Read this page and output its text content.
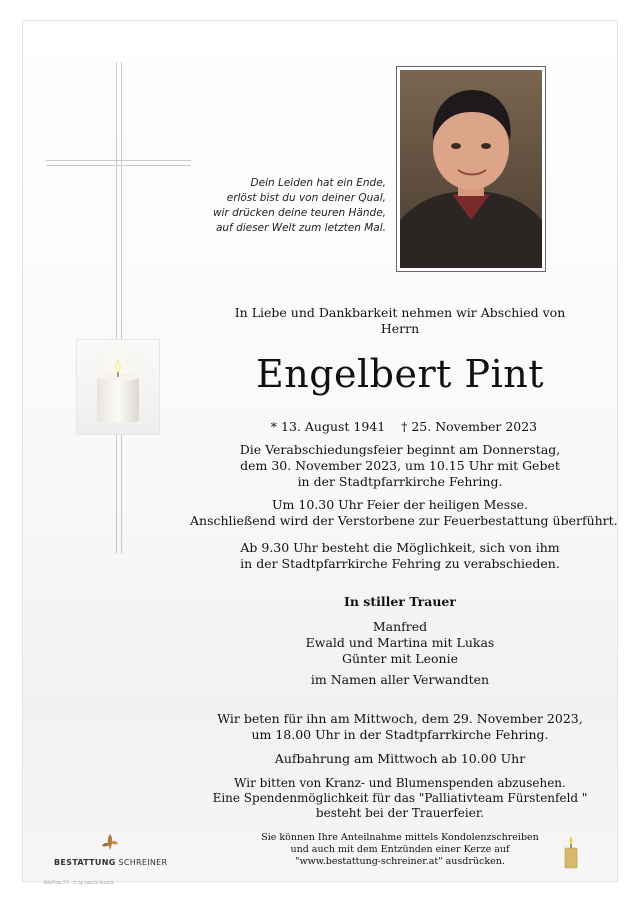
Dein Leiden hat ein Ende,
erlöst bist du von deiner Qual,
wir drücken deine teuren Hände,
auf dieser Welt zum letzten Mal.
In Liebe und Dankbarkeit nehmen wir Abschied von
Herrn
Engelbert Pint

* 13. August 1941    † 25. November 2023

Die Verabschiedungsfeier beginnt am Donnerstag,
dem 30. November 2023, um 10.15 Uhr mit Gebet
in der Stadtpfarrkirche Fehring.
Um 10.30 Uhr Feier der heiligen Messe.
Anschließend wird der Verstorbene zur Feuerbestattung überführt.
Ab 9.30 Uhr besteht die Möglichkeit, sich von ihm
in der Stadtpfarrkirche Fehring zu verabschieden.
In stiller Trauer
Manfred
Ewald und Martina mit Lukas
Günter mit Leonie
im Namen aller Verwandten
Wir beten für ihn am Mittwoch, dem 29. November 2023,
um 18.00 Uhr in der Stadtpfarrkirche Fehring.
Aufbahrung am Mittwoch ab 10.00 Uhr
Wir bitten von Kranz- und Blumenspenden abzusehen.
Eine Spendenmöglichkeit für das "Palliativteam Fürstenfeld "
besteht bei der Trauerfeier.
Sie können Ihre Anteilnahme mittels Kondolenzschreiben
und auch mit dem Entzünden einer Kerze auf
"www.bestattung-schreiner.at" ausdrücken.
BESTATTUNG SCHREINER
Bild/Foto 7/1 · © by Loischi Austria
